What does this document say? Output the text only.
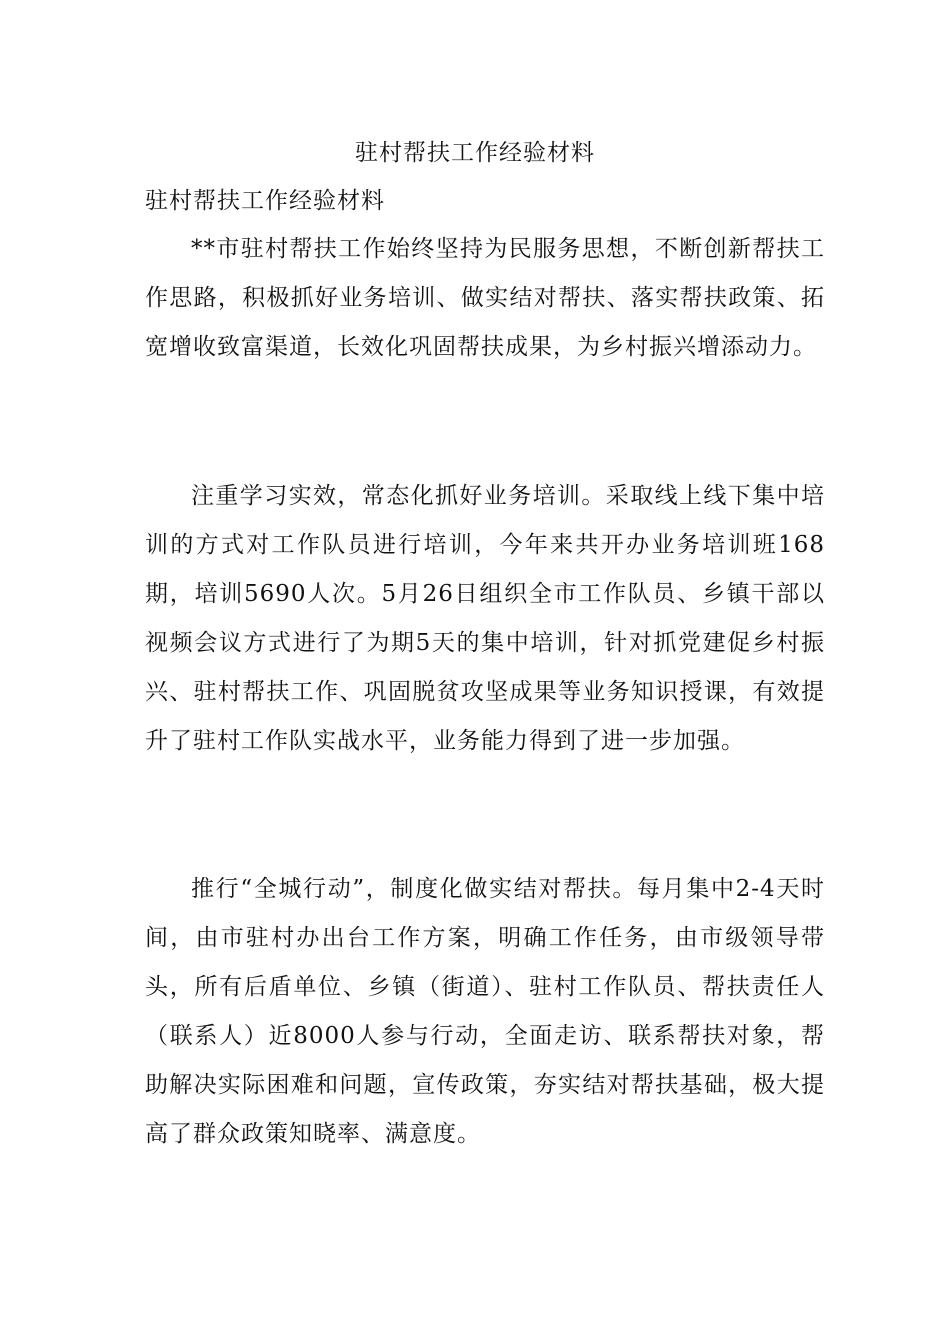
驻村帮扶工作经验材料
驻村帮扶工作经验材料

**市驻村帮扶工作始终坚持为民服务思想，不断创新帮扶工作思路，积极抓好业务培训、做实结对帮扶、落实帮扶政策、拓宽增收致富渠道，长效化巩固帮扶成果，为乡村振兴增添动力。

注重学习实效，常态化抓好业务培训。采取线上线下集中培训的方式对工作队员进行培训，今年来共开办业务培训班168期，培训5690人次。5月26日组织全市工作队员、乡镇干部以视频会议方式进行了为期5天的集中培训，针对抓党建促乡村振兴、驻村帮扶工作、巩固脱贫攻坚成果等业务知识授课，有效提升了驻村工作队实战水平，业务能力得到了进一步加强。

推行“全城行动”，制度化做实结对帮扶。每月集中2-4天时间，由市驻村办出台工作方案，明确工作任务，由市级领导带头，所有后盾单位、乡镇（街道）、驻村工作队员、帮扶责任人（联系人）近8000人参与行动，全面走访、联系帮扶对象，帮助解决实际困难和问题，宣传政策，夯实结对帮扶基础，极大提高了群众政策知晓率、满意度。
